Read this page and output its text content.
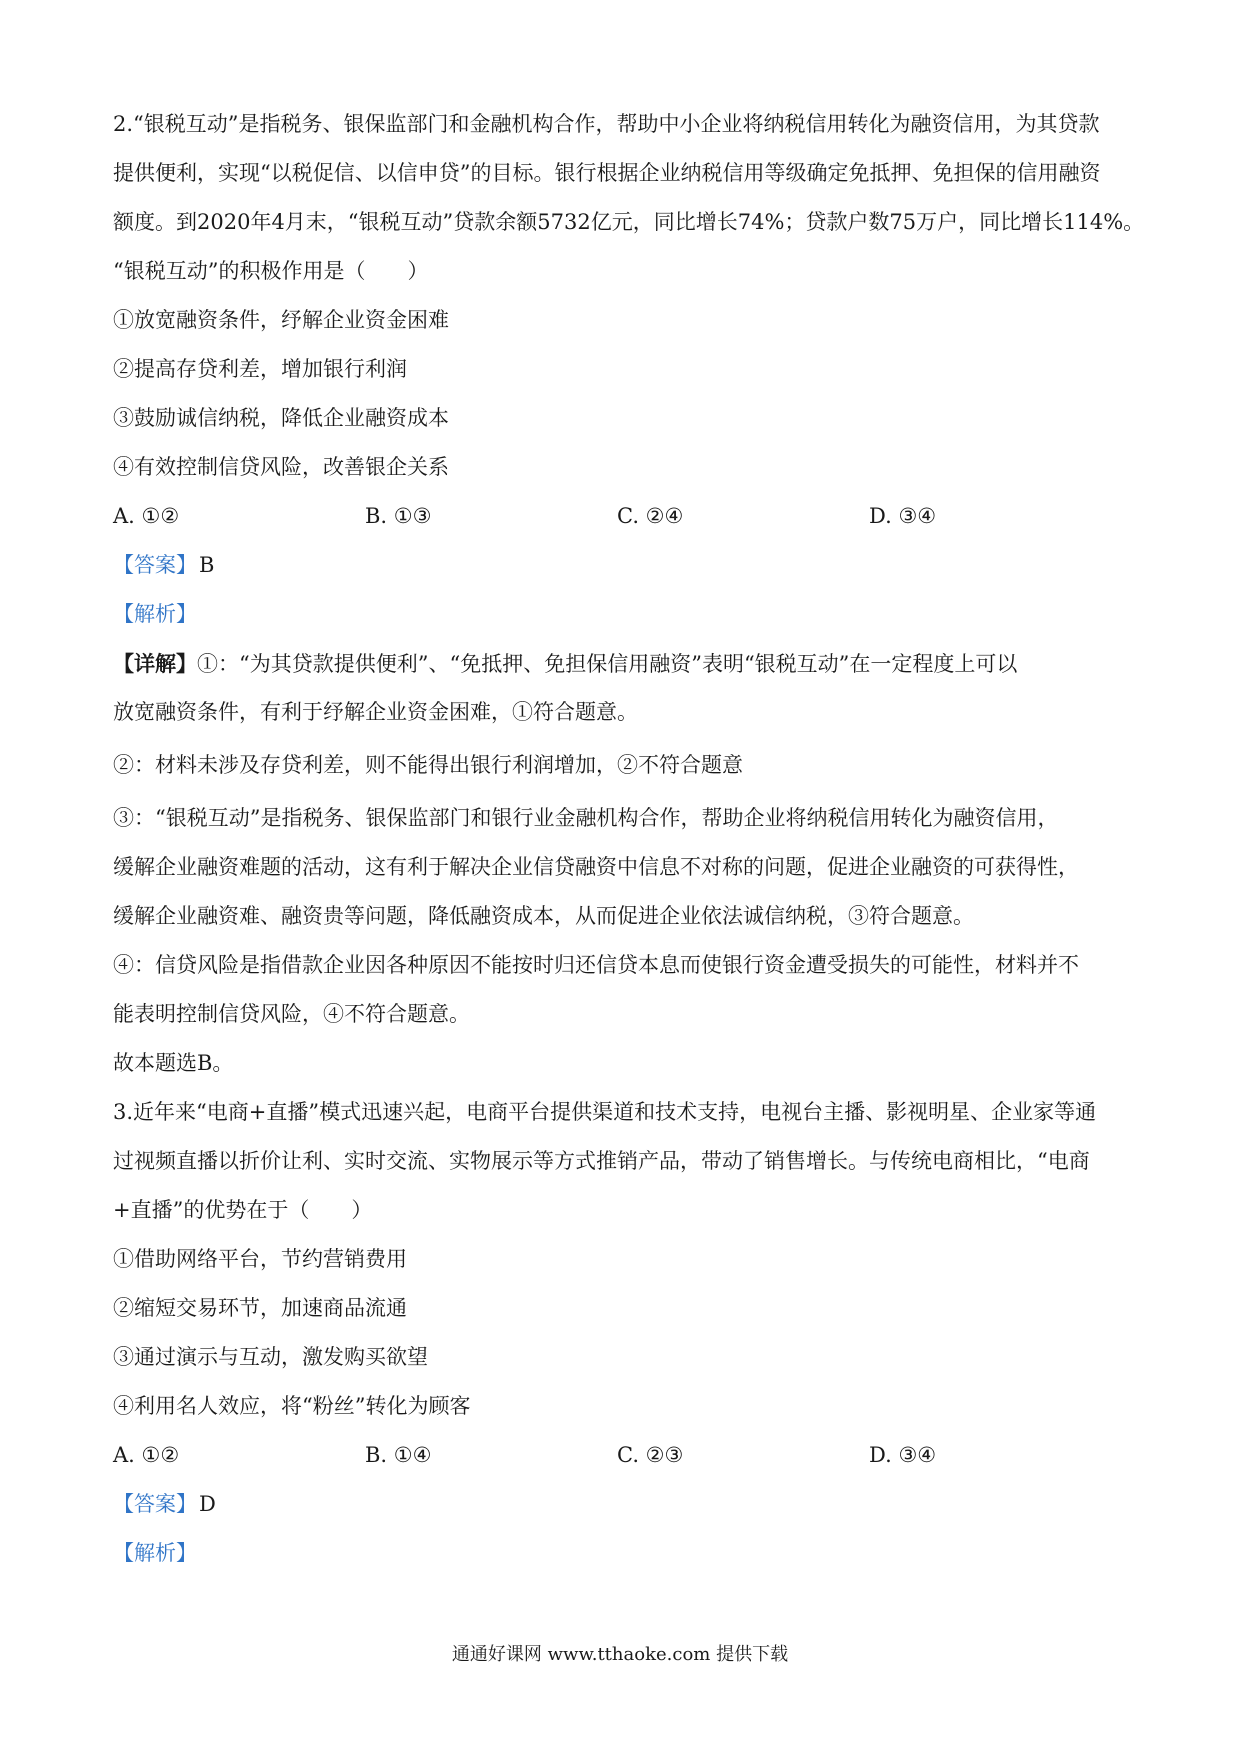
2.“银税互动”是指税务、银保监部门和金融机构合作，帮助中小企业将纳税信用转化为融资信用，为其贷款
提供便利，实现“以税促信、以信申贷”的目标。银行根据企业纳税信用等级确定免抵押、免担保的信用融资
额度。到2020年4月末，“银税互动”贷款余额5732亿元，同比增长74%；贷款户数75万户，同比增长114%。
“银税互动”的积极作用是（　　）
①放宽融资条件，纾解企业资金困难
②提高存贷利差，增加银行利润
③鼓励诚信纳税，降低企业融资成本
④有效控制信贷风险，改善银企关系
A. ①②	B. ①③	C. ②④	D. ③④
【答案】B
【解析】
【详解】①：“为其贷款提供便利”、“免抵押、免担保信用融资”表明“银税互动”在一定程度上可以
放宽融资条件，有利于纾解企业资金困难，①符合题意。
②：材料未涉及存贷利差，则不能得出银行利润增加，②不符合题意
③：“银税互动”是指税务、银保监部门和银行业金融机构合作，帮助企业将纳税信用转化为融资信用，
缓解企业融资难题的活动，这有利于解决企业信贷融资中信息不对称的问题，促进企业融资的可获得性，
缓解企业融资难、融资贵等问题，降低融资成本，从而促进企业依法诚信纳税，③符合题意。
④：信贷风险是指借款企业因各种原因不能按时归还信贷本息而使银行资金遭受损失的可能性，材料并不
能表明控制信贷风险，④不符合题意。
故本题选B。
3.近年来“电商+直播”模式迅速兴起，电商平台提供渠道和技术支持，电视台主播、影视明星、企业家等通
过视频直播以折价让利、实时交流、实物展示等方式推销产品，带动了销售增长。与传统电商相比，“电商
+直播”的优势在于（　　）
①借助网络平台，节约营销费用
②缩短交易环节，加速商品流通
③通过演示与互动，激发购买欲望
④利用名人效应，将“粉丝”转化为顾客
A. ①②	B. ①④	C. ②③	D. ③④
【答案】D
【解析】
通通好课网 www.tthaoke.com 提供下载
